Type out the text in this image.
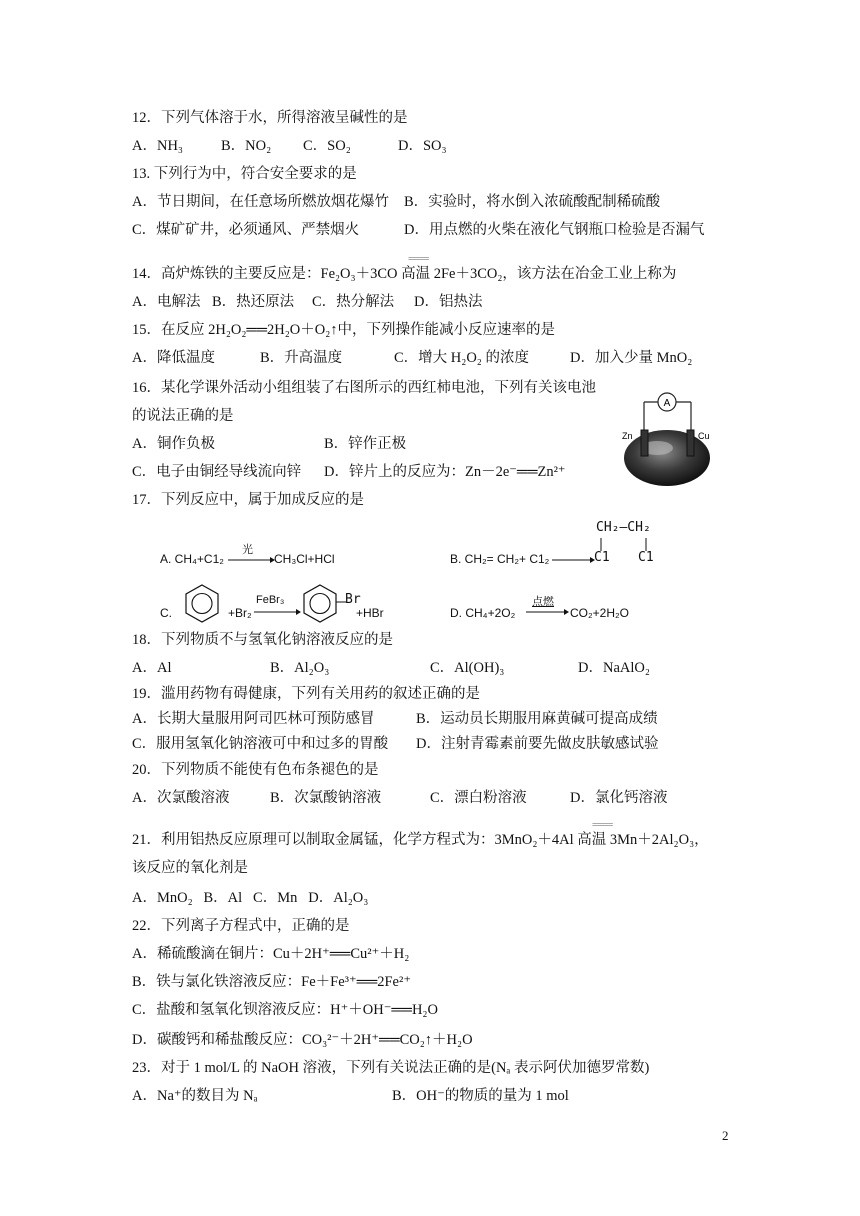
12．下列气体溶于水，所得溶液呈碱性的是
A．NH₃	B．NO₂ C．SO₂	D．SO₃
13. 下列行为中，符合安全要求的是
A．节日期间，在任意场所燃放烟花爆竹 B．实验时，将水倒入浓硫酸配制稀硫酸
C．煤矿矿井，必须通风、严禁烟火	D．用点燃的火柴在液化气钢瓶口检验是否漏气
=====
14．高炉炼铁的主要反应是：Fe₂O₃＋3CO 高温 2Fe＋3CO₂，该方法在冶金工业上称为
A．电解法 B．热还原法 C．热分解法 D．铝热法
15．在反应 2H₂O₂══2H₂O＋O₂↑中，下列操作能减小反应速率的是
A．降低温度	B．升高温度	C．增大 H₂O₂ 的浓度	D．加入少量 MnO₂
16．某化学课外活动小组组装了右图所示的西红柿电池，下列有关该电池
的说法正确的是
A．铜作负极	B．锌作正极
C．电子由铜经导线流向锌 D．锌片上的反应为：Zn－2e⁻══Zn²⁺
A
Zn	Cu
17．下列反应中，属于加成反应的是
A. CH₄+C1₂
光
CH₃Cl+HCl	B. CH₂= CH₂+ C1₂
CH₂—CH₂
C1 C1
C.	+Br₂
FeBr₃	Br
+HBr	D. CH₄+2O₂
点燃
CO₂+2H₂O
18．下列物质不与氢氧化钠溶液反应的是
A．Al	B．Al₂O₃	C．Al(OH)₃	D．NaAlO₂
19．滥用药物有碍健康，下列有关用药的叙述正确的是
A．长期大量服用阿司匹林可预防感冒	B．运动员长期服用麻黄碱可提高成绩
C．服用氢氧化钠溶液可中和过多的胃酸 D．注射青霉素前要先做皮肤敏感试验
20．下列物质不能使有色布条褪色的是
A．次氯酸溶液	B．次氯酸钠溶液	C．漂白粉溶液	D．氯化钙溶液
=====
21．利用铝热反应原理可以制取金属锰，化学方程式为：3MnO₂＋4Al 高温 3Mn＋2Al₂O₃，
该反应的氧化剂是
A．MnO₂   B．Al   C．Mn   D．Al₂O₃
22．下列离子方程式中，正确的是
A．稀硫酸滴在铜片：Cu＋2H⁺══Cu²⁺＋H₂
B．铁与氯化铁溶液反应：Fe＋Fe³⁺══2Fe²⁺
C．盐酸和氢氧化钡溶液反应：H⁺＋OH⁻══H₂O
D．碳酸钙和稀盐酸反应：CO₃²⁻＋2H⁺══CO₂↑＋H₂O
23．对于 1 mol/L 的 NaOH 溶液，下列有关说法正确的是(Nₐ 表示阿伏加德罗常数)
A．Na⁺的数目为 Nₐ	B．OH⁻的物质的量为 1 mol
2
